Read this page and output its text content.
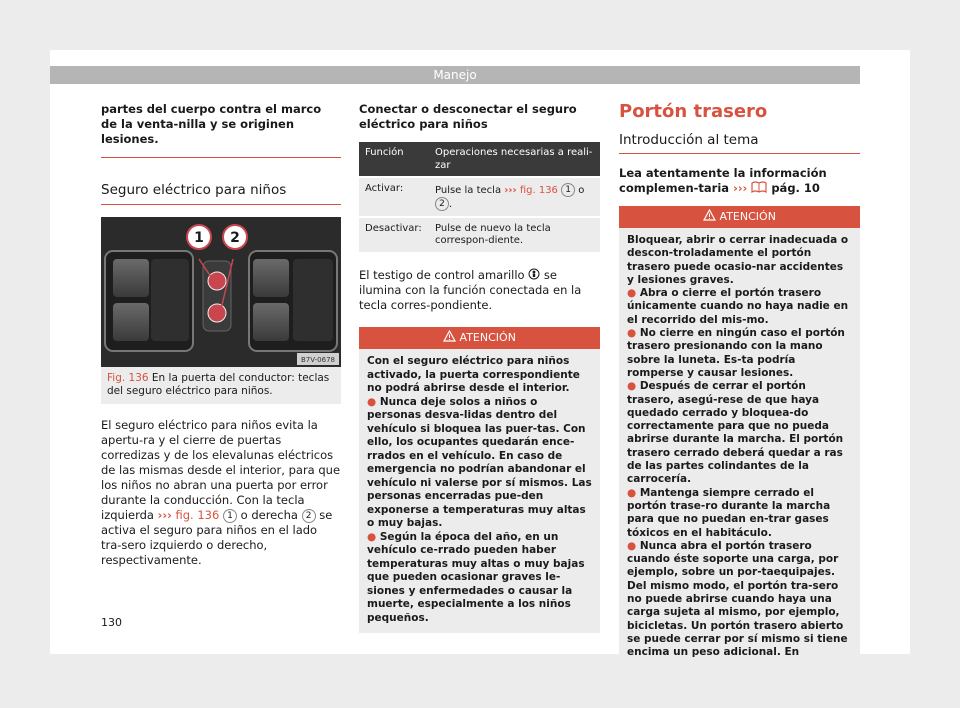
Manejo
partes del cuerpo contra el marco de la venta-nilla y se originen lesiones.
Seguro eléctrico para niños
1 2
B7V-0678
Fig. 136 En la puerta del conductor: teclas del seguro eléctrico para niños.
El seguro eléctrico para niños evita la apertu-ra y el cierre de puertas corredizas y de los elevalunas eléctricos de las mismas desde el interior, para que los niños no abran una puerta por error durante la conducción. Con la tecla izquierda ››› fig. 136 1 o derecha 2 se activa el seguro para niños en el lado tra-sero izquierdo o derecho, respectivamente.
Conectar o desconectar el seguro eléctrico para niños
Función	Operaciones necesarias a reali-zar
Activar:	Pulse la tecla ››› fig. 136 1 o 2 .
Desactivar:	Pulse de nuevo la tecla correspon-diente.
El testigo de control amarillo se ilumina con la función conectada en la tecla corres-pondiente.
ATENCIÓN
Con el seguro eléctrico para niños activado, la puerta correspondiente no podrá abrirse desde el interior.
● Nunca deje solos a niños o personas desva-lidas dentro del vehículo si bloquea las puer-tas. Con ello, los ocupantes quedarán ence-rrados en el vehículo. En caso de emergencia no podrían abandonar el vehículo ni valerse por sí mismos. Las personas encerradas pue-den exponerse a temperaturas muy altas o muy bajas.
● Según la época del año, en un vehículo ce-rrado pueden haber temperaturas muy altas o muy bajas que pueden ocasionar graves le-siones y enfermedades o causar la muerte, especialmente a los niños pequeños.
Portón trasero
Introducción al tema
Lea atentamente la información complemen-taria ››› pág. 10
ATENCIÓN
Bloquear, abrir o cerrar inadecuada o descon-troladamente el portón trasero puede ocasio-nar accidentes y lesiones graves.
● Abra o cierre el portón trasero únicamente cuando no haya nadie en el recorrido del mis-mo.
● No cierre en ningún caso el portón trasero presionando con la mano sobre la luneta. Es-ta podría romperse y causar lesiones.
● Después de cerrar el portón trasero, asegú-rese de que haya quedado cerrado y bloquea-do correctamente para que no pueda abrirse durante la marcha. El portón trasero cerrado deberá quedar a ras de las partes colindantes de la carrocería.
● Mantenga siempre cerrado el portón trase-ro durante la marcha para que no puedan en-trar gases tóxicos en el habitáculo.
● Nunca abra el portón trasero cuando éste soporte una carga, por ejemplo, sobre un por-taequipajes. Del mismo modo, el portón tra-sero no puede abrirse cuando haya una carga sujeta al mismo, por ejemplo, bicicletas. Un portón trasero abierto se puede cerrar por sí mismo si tiene encima un peso adicional. En
130
